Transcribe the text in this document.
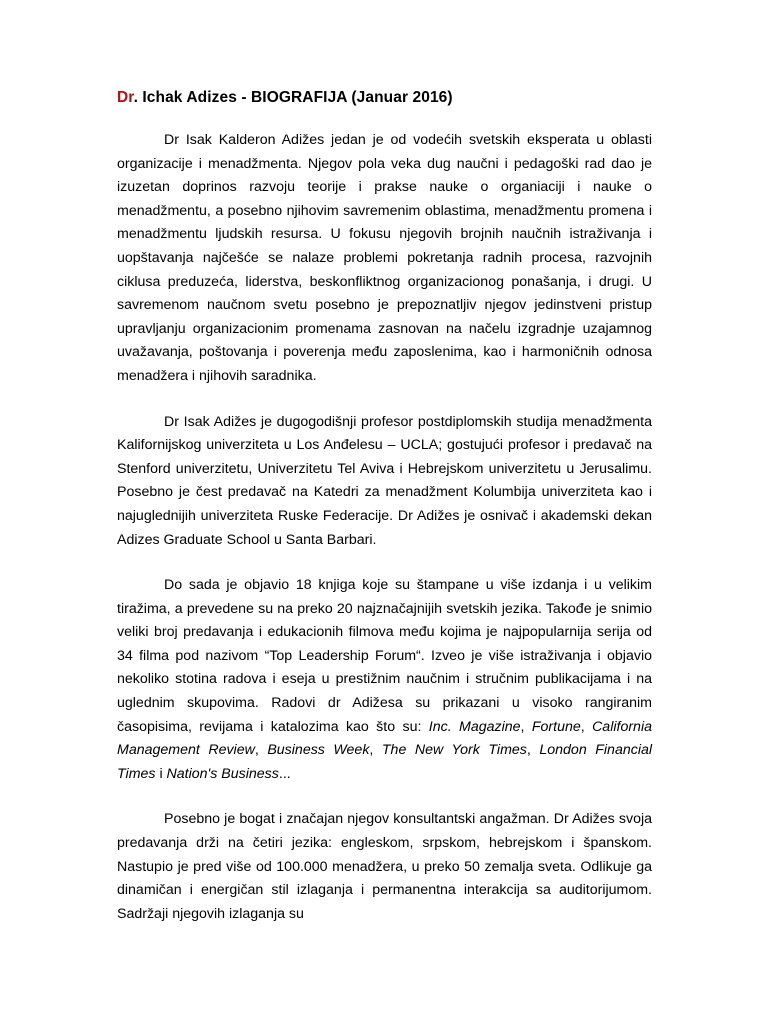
Dr. Ichak Adizes - BIOGRAFIJA (Januar 2016)

Dr Isak Kalderon Adižes jedan je od vodećih svetskih eksperata u oblasti organizacije i menadžmenta. Njegov pola veka dug naučni i pedagoški rad dao je izuzetan doprinos razvoju teorije i prakse nauke o organiaciji i nauke o menadžmentu, a posebno njihovim savremenim oblastima, menadžmentu promena i menadžmentu ljudskih resursa. U fokusu njegovih brojnih naučnih istraživanja i uopštavanja najčešće se nalaze problemi pokretanja radnih procesa, razvojnih ciklusa preduzeća, liderstva, beskonfliktnog organizacionog ponašanja, i drugi. U savremenom naučnom svetu posebno je prepoznatljiv njegov jedinstveni pristup upravljanju organizacionim promenama zasnovan na načelu izgradnje uzajamnog uvažavanja, poštovanja i poverenja među zaposlenima, kao i harmoničnih odnosa menadžera i njihovih saradnika.

Dr Isak Adižes je dugogodišnji profesor postdiplomskih studija menadžmenta Kalifornijskog univerziteta u Los Anđelesu – UCLA; gostujući profesor i predavač na Stenford univerzitetu, Univerzitetu Tel Aviva i Hebrejskom univerzitetu u Jerusalimu. Posebno je čest predavač na Katedri za menadžment Kolumbija univerziteta kao i najuglednijih univerziteta Ruske Federacije. Dr Adižes je osnivač i akademski dekan Adizes Graduate School u Santa Barbari.

Do sada je objavio 18 knjiga koje su štampane u više izdanja i u velikim tiražima, a prevedene su na preko 20 najznačajnijih svetskih jezika. Takođe je snimio veliki broj predavanja i edukacionih filmova među kojima je najpopularnija serija od 34 filma pod nazivom “Top Leadership Forum“. Izveo je više istraživanja i objavio nekoliko stotina radova i eseja u prestižnim naučnim i stručnim publikacijama i na uglednim skupovima. Radovi dr Adižesa su prikazani u visoko rangiranim časopisima, revijama i katalozima kao što su: Inc. Magazine, Fortune, California Management Review, Business Week, The New York Times, London Financial Times i Nation's Business...

Posebno je bogat i značajan njegov konsultantski angažman. Dr Adižes svoja predavanja drži na četiri jezika: engleskom, srpskom, hebrejskom i španskom. Nastupio je pred više od 100.000 menadžera, u preko 50 zemalja sveta. Odlikuje ga dinamičan i energičan stil izlaganja i permanentna interakcija sa auditorijumom. Sadržaji njegovih izlaganja su
